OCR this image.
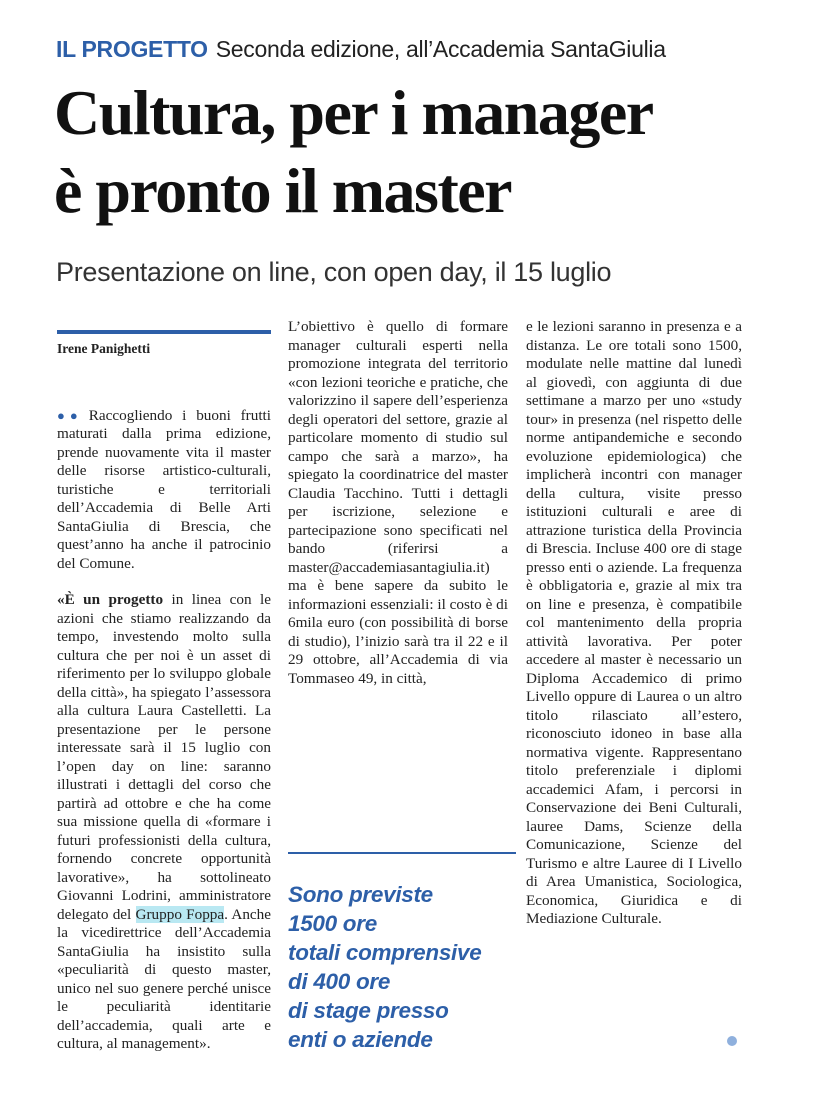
IL PROGETTO Seconda edizione, all’Accademia SantaGiulia
Cultura, per i manager
è pronto il master
Presentazione on line, con open day, il 15 luglio
Irene Panighetti

●● Raccogliendo i buoni frutti maturati dalla prima edizione, prende nuovamente vita il master delle risorse artistico-culturali, turistiche e territoriali dell’Accademia di Belle Arti SantaGiulia di Brescia, che quest’anno ha anche il patrocinio del Comune.

«È un progetto in linea con le azioni che stiamo realizzando da tempo, investendo molto sulla cultura che per noi è un asset di riferimento per lo sviluppo globale della città», ha spiegato l’assessora alla cultura Laura Castelletti. La presentazione per le persone interessate sarà il 15 luglio con l’open day on line: saranno illustrati i dettagli del corso che partirà ad ottobre e che ha come sua missione quella di «formare i futuri professionisti della cultura, fornendo concrete opportunità lavorative», ha sottolineato Giovanni Lodrini, amministratore delegato del Gruppo Foppa. Anche la vicedirettrice dell’Accademia SantaGiulia ha insistito sulla «peculiarità di questo master, unico nel suo genere perché unisce le peculiarità identitarie dell’accademia, quali arte e cultura, al management».

L’obiettivo è quello di formare manager culturali esperti nella promozione integrata del territorio «con lezioni teoriche e pratiche, che valorizzino il sapere dell’esperienza degli operatori del settore, grazie al particolare momento di studio sul campo che sarà a marzo», ha spiegato la coordinatrice del master Claudia Tacchino. Tutti i dettagli per iscrizione, selezione e partecipazione sono specificati nel bando (riferirsi a master@accademiasantagiulia.it) ma è bene sapere da subito le informazioni essenziali: il costo è di 6mila euro (con possibilità di borse di studio), l’inizio sarà tra il 22 e il 29 ottobre, all’Accademia di via Tommaseo 49, in città,

Sono previste
1500 ore
totali comprensive
di 400 ore
di stage presso
enti o aziende

e le lezioni saranno in presenza e a distanza. Le ore totali sono 1500, modulate nelle mattine dal lunedì al giovedì, con aggiunta di due settimane a marzo per uno «study tour» in presenza (nel rispetto delle norme antipandemiche e secondo evoluzione epidemiologica) che implicherà incontri con manager della cultura, visite presso istituzioni culturali e aree di attrazione turistica della Provincia di Brescia. Incluse 400 ore di stage presso enti o aziende. La frequenza è obbligatoria e, grazie al mix tra on line e presenza, è compatibile col mantenimento della propria attività lavorativa. Per poter accedere al master è necessario un Diploma Accademico di primo Livello oppure di Laurea o un altro titolo rilasciato all’estero, riconosciuto idoneo in base alla normativa vigente. Rappresentano titolo preferenziale i diplomi accademici Afam, i percorsi in Conservazione dei Beni Culturali, lauree Dams, Scienze della Comunicazione, Scienze del Turismo e altre Lauree di I Livello di Area Umanistica, Sociologica, Economica, Giuridica e di Mediazione Culturale.
